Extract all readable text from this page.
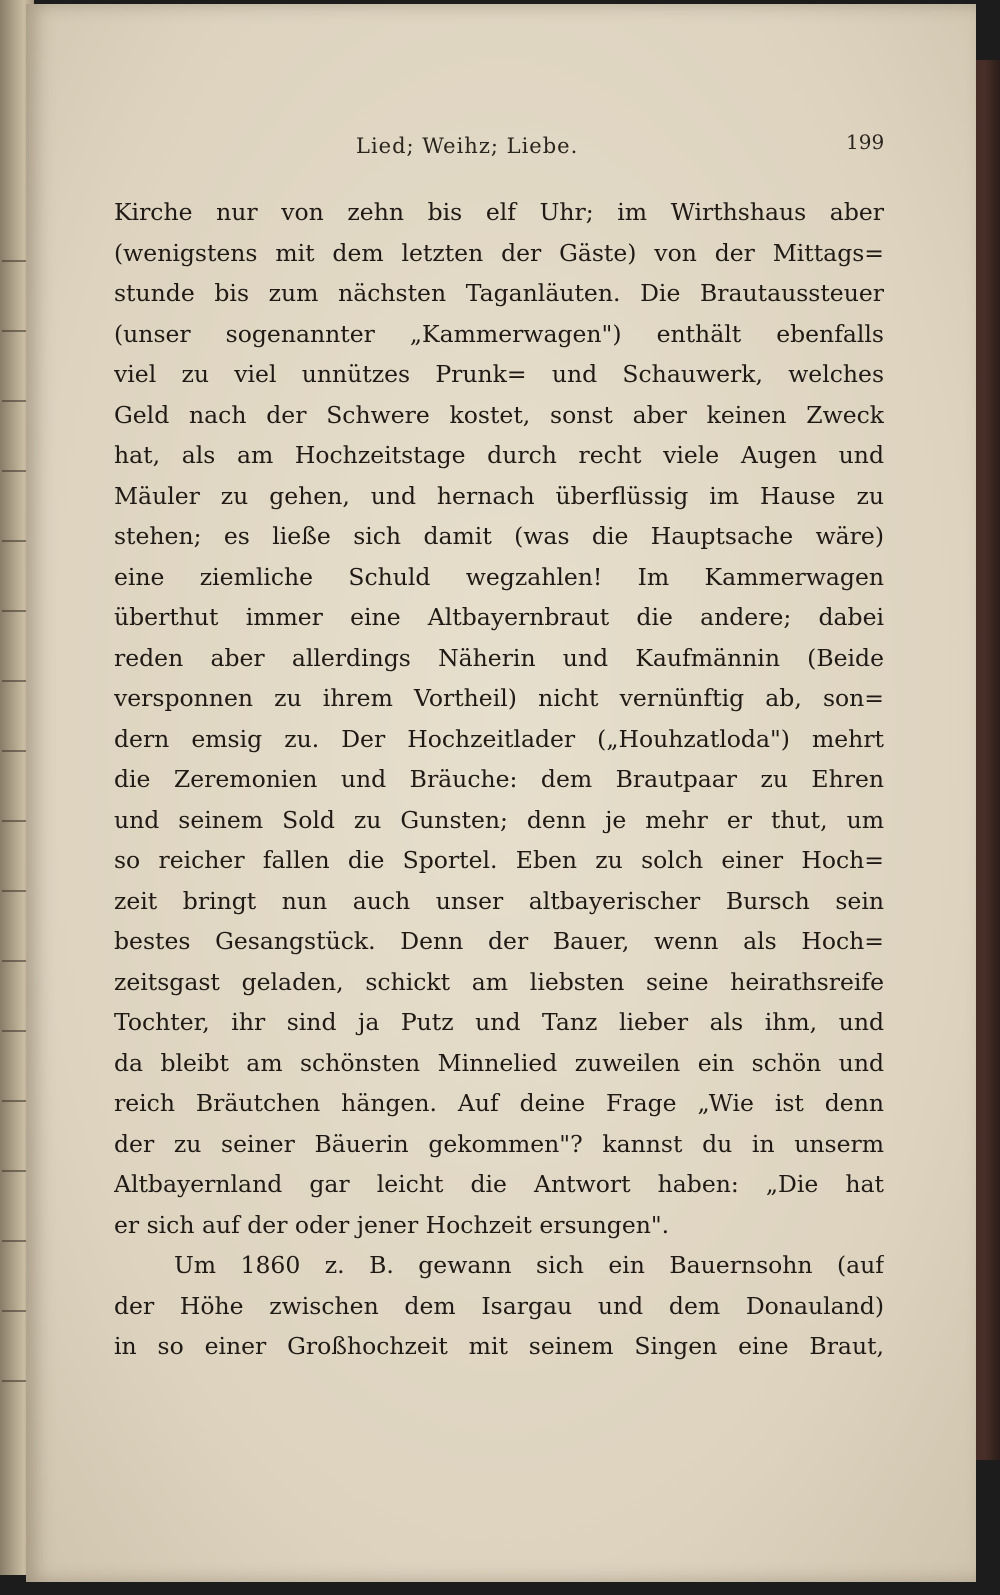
Lied; Weihz; Liebe.	199
Kirche nur von zehn bis elf Uhr; im Wirthshaus aber
(wenigstens mit dem letzten der Gäste) von der Mittags=
stunde bis zum nächsten Taganläuten. Die Brautaussteuer
(unser sogenannter „Kammerwagen") enthält ebenfalls
viel zu viel unnützes Prunk= und Schauwerk, welches
Geld nach der Schwere kostet, sonst aber keinen Zweck
hat, als am Hochzeitstage durch recht viele Augen und
Mäuler zu gehen, und hernach überflüssig im Hause zu
stehen; es ließe sich damit (was die Hauptsache wäre)
eine ziemliche Schuld wegzahlen! Im Kammerwagen
überthut immer eine Altbayernbraut die andere; dabei
reden aber allerdings Näherin und Kaufmännin (Beide
versponnen zu ihrem Vortheil) nicht vernünftig ab, son=
dern emsig zu. Der Hochzeitlader („Houhzatloda") mehrt
die Zeremonien und Bräuche: dem Brautpaar zu Ehren
und seinem Sold zu Gunsten; denn je mehr er thut, um
so reicher fallen die Sportel. Eben zu solch einer Hoch=
zeit bringt nun auch unser altbayerischer Bursch sein
bestes Gesangstück. Denn der Bauer, wenn als Hoch=
zeitsgast geladen, schickt am liebsten seine heirathsreife
Tochter, ihr sind ja Putz und Tanz lieber als ihm, und
da bleibt am schönsten Minnelied zuweilen ein schön und
reich Bräutchen hängen. Auf deine Frage „Wie ist denn
der zu seiner Bäuerin gekommen"? kannst du in unserm
Altbayernland gar leicht die Antwort haben: „Die hat
er sich auf der oder jener Hochzeit ersungen".
Um 1860 z. B. gewann sich ein Bauernsohn (auf
der Höhe zwischen dem Isargau und dem Donauland)
in so einer Großhochzeit mit seinem Singen eine Braut,
